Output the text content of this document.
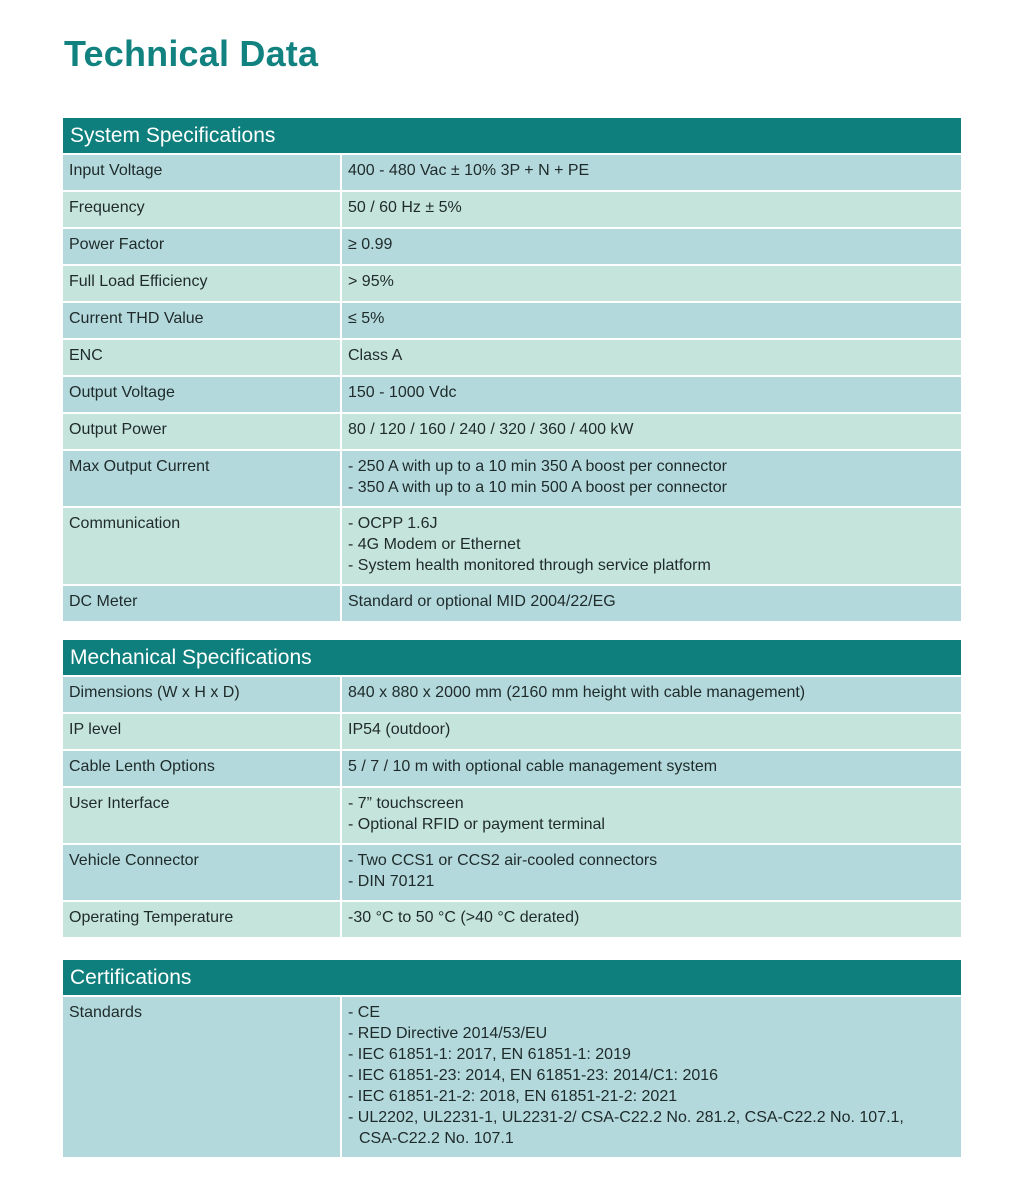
Technical Data
System Specifications
Input Voltage	400 - 480 Vac ± 10% 3P + N + PE
Frequency	50 / 60 Hz ± 5%
Power Factor	≥ 0.99
Full Load Efficiency	> 95%
Current THD Value	≤ 5%
ENC	Class A
Output Voltage	150 - 1000 Vdc
Output Power	80 / 120 / 160 / 240 / 320 / 360 / 400 kW
Max Output Current	- 250 A with up to a 10 min 350 A boost per connector
- 350 A with up to a 10 min 500 A boost per connector
Communication	- OCPP 1.6J
- 4G Modem or Ethernet
- System health monitored through service platform
DC Meter	Standard or optional MID 2004/22/EG
Mechanical Specifications
Dimensions (W x H x D)	840 x 880 x 2000 mm (2160 mm height with cable management)
IP level	IP54 (outdoor)
Cable Lenth Options	5 / 7 / 10 m with optional cable management system
User Interface	- 7” touchscreen
- Optional RFID or payment terminal
Vehicle Connector	- Two CCS1 or CCS2 air-cooled connectors
- DIN 70121
Operating Temperature	-30 °C to 50 °C (>40 °C derated)
Certifications
Standards	- CE
- RED Directive 2014/53/EU
- IEC 61851-1: 2017, EN 61851-1: 2019
- IEC 61851-23: 2014, EN 61851-23: 2014/C1: 2016
- IEC 61851-21-2: 2018, EN 61851-21-2: 2021
- UL2202, UL2231-1, UL2231-2/ CSA-C22.2 No. 281.2, CSA-C22.2 No. 107.1,
CSA-C22.2 No. 107.1
